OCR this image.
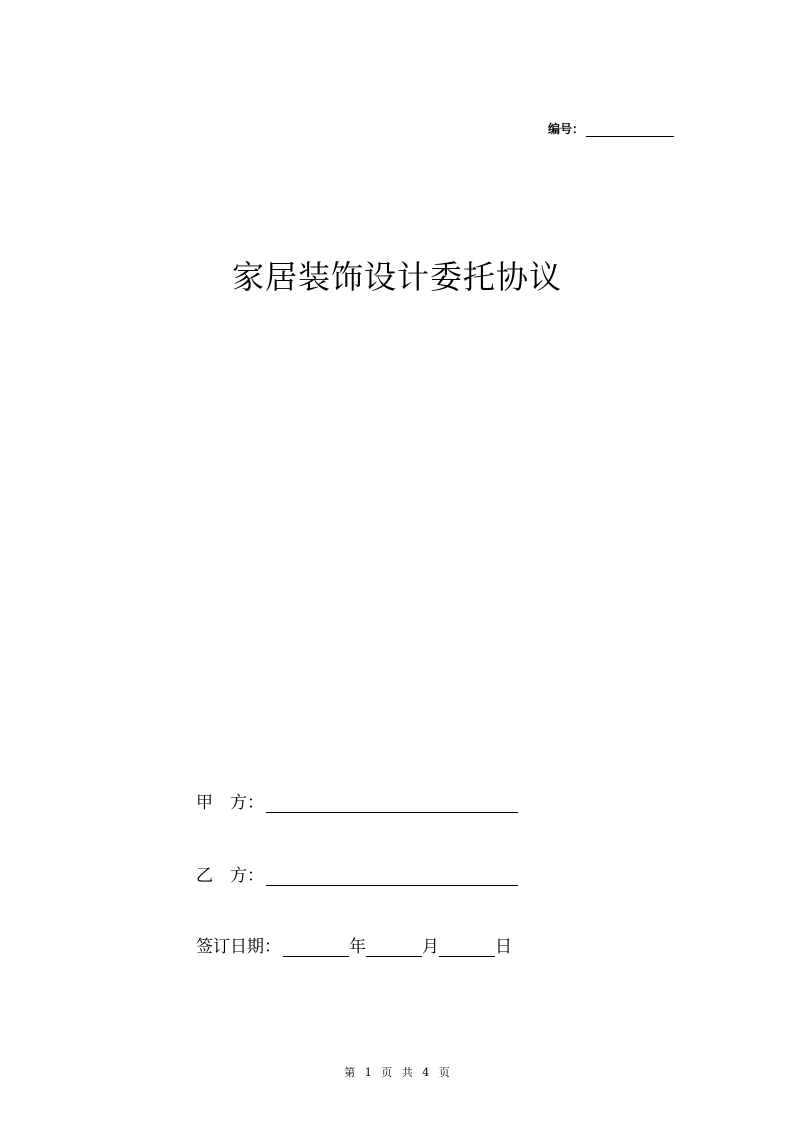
编号：
家居装饰设计委托协议
甲　方：
乙　方：
签订日期：	年	月	日
第 1 页 共 4 页
